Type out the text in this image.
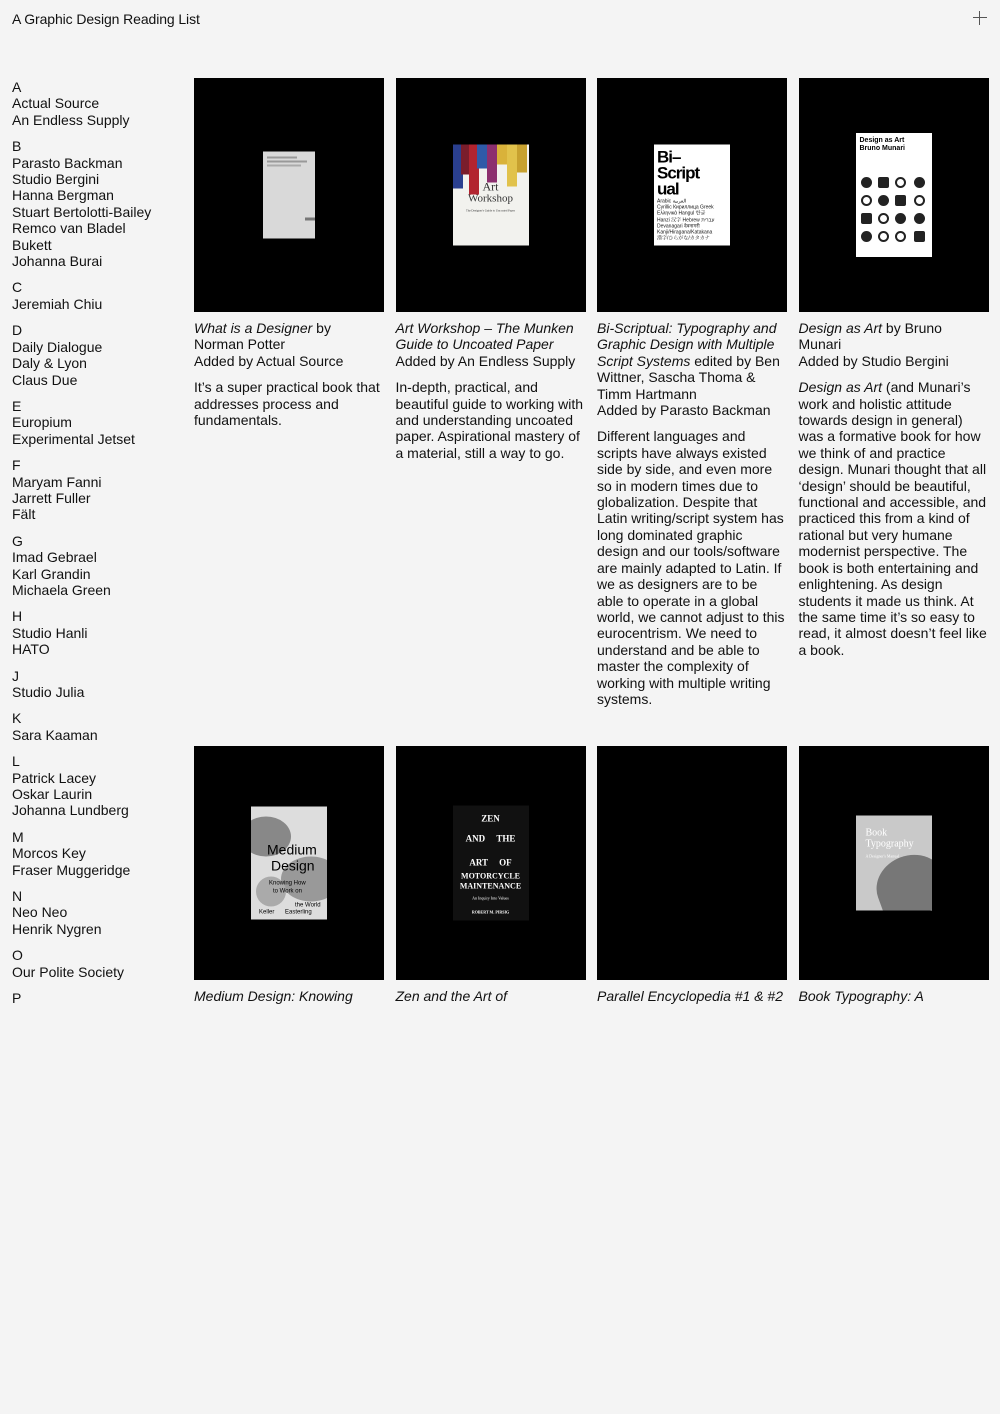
A Graphic Design Reading List
A
Actual Source
An Endless Supply
B
Parasto Backman
Studio Bergini
Hanna Bergman
Stuart Bertolotti-Bailey
Remco van Bladel
Bukett
Johanna Burai
C
Jeremiah Chiu
D
Daily Dialogue
Daly & Lyon
Claus Due
E
Europium
Experimental Jetset
F
Maryam Fanni
Jarrett Fuller
Fält
G
Imad Gebrael
Karl Grandin
Michaela Green
H
Studio Hanli
HATO
J
Studio Julia
K
Sara Kaaman
L
Patrick Lacey
Oskar Laurin
Johanna Lundberg
M
Morcos Key
Fraser Muggeridge
N
Neo Neo
Henrik Nygren
O
Our Polite Society
P
What is a Designer by Norman Potter
Added by Actual Source
It’s a super practical book that addresses process and fundamentals.
Art
Workshop
The Designer's Guide to Uncoated Paper
Art Workshop – The Munken Guide to Uncoated Paper
Added by An Endless Supply
In-depth, practical, and beautiful guide to working with and understanding uncoated paper. Aspirational mastery of a material, still a way to go.
Bi–
Script
ual
Arabic العربية
Cyrillic Кириллица Greek
Ελληνικά Hangul 한글
Hanzi 汉字 Hebrew עברית
Devanagari देवनागरी
Kanji/Hiragana/Katakana
漢字/ひらがな/カタカナ
Bi-Scriptual: Typography and Graphic Design with Multiple Script Systems edited by Ben Wittner, Sascha Thoma & Timm Hartmann
Added by Parasto Backman
Different languages and scripts have always existed side by side, and even more so in modern times due to globalization. Despite that Latin writing/script system has long dominated graphic design and our tools/software are mainly adapted to Latin. If we as designers are to be able to operate in a global world, we cannot adjust to this eurocentrism. We need to understand and be able to master the complexity of working with multiple writing systems.
Design as Art
Bruno Munari
Design as Art by Bruno Munari
Added by Studio Bergini
Design as Art (and Munari’s work and holistic attitude towards design in general) was a formative book for how we think of and practice design. Munari thought that all ‘design’ should be beautiful, functional and accessible, and practiced this from a kind of rational but very humane modernist perspective. The book is both entertaining and enlightening. As design students it made us think. At the same time it’s so easy to read, it almost doesn’t feel like a book.
Medium
Design
Knowing How
to Work on
the World
Keller Easterling
Medium Design: Knowing
ZEN
AND THE
ART OF
MOTORCYCLE
MAINTENANCE
An Inquiry Into Values
ROBERT M. PIRSIG
Zen and the Art of	Parallel Encyclopedia #1 & #2
Book
Typography
A Designer's Manual
Book Typography: A
